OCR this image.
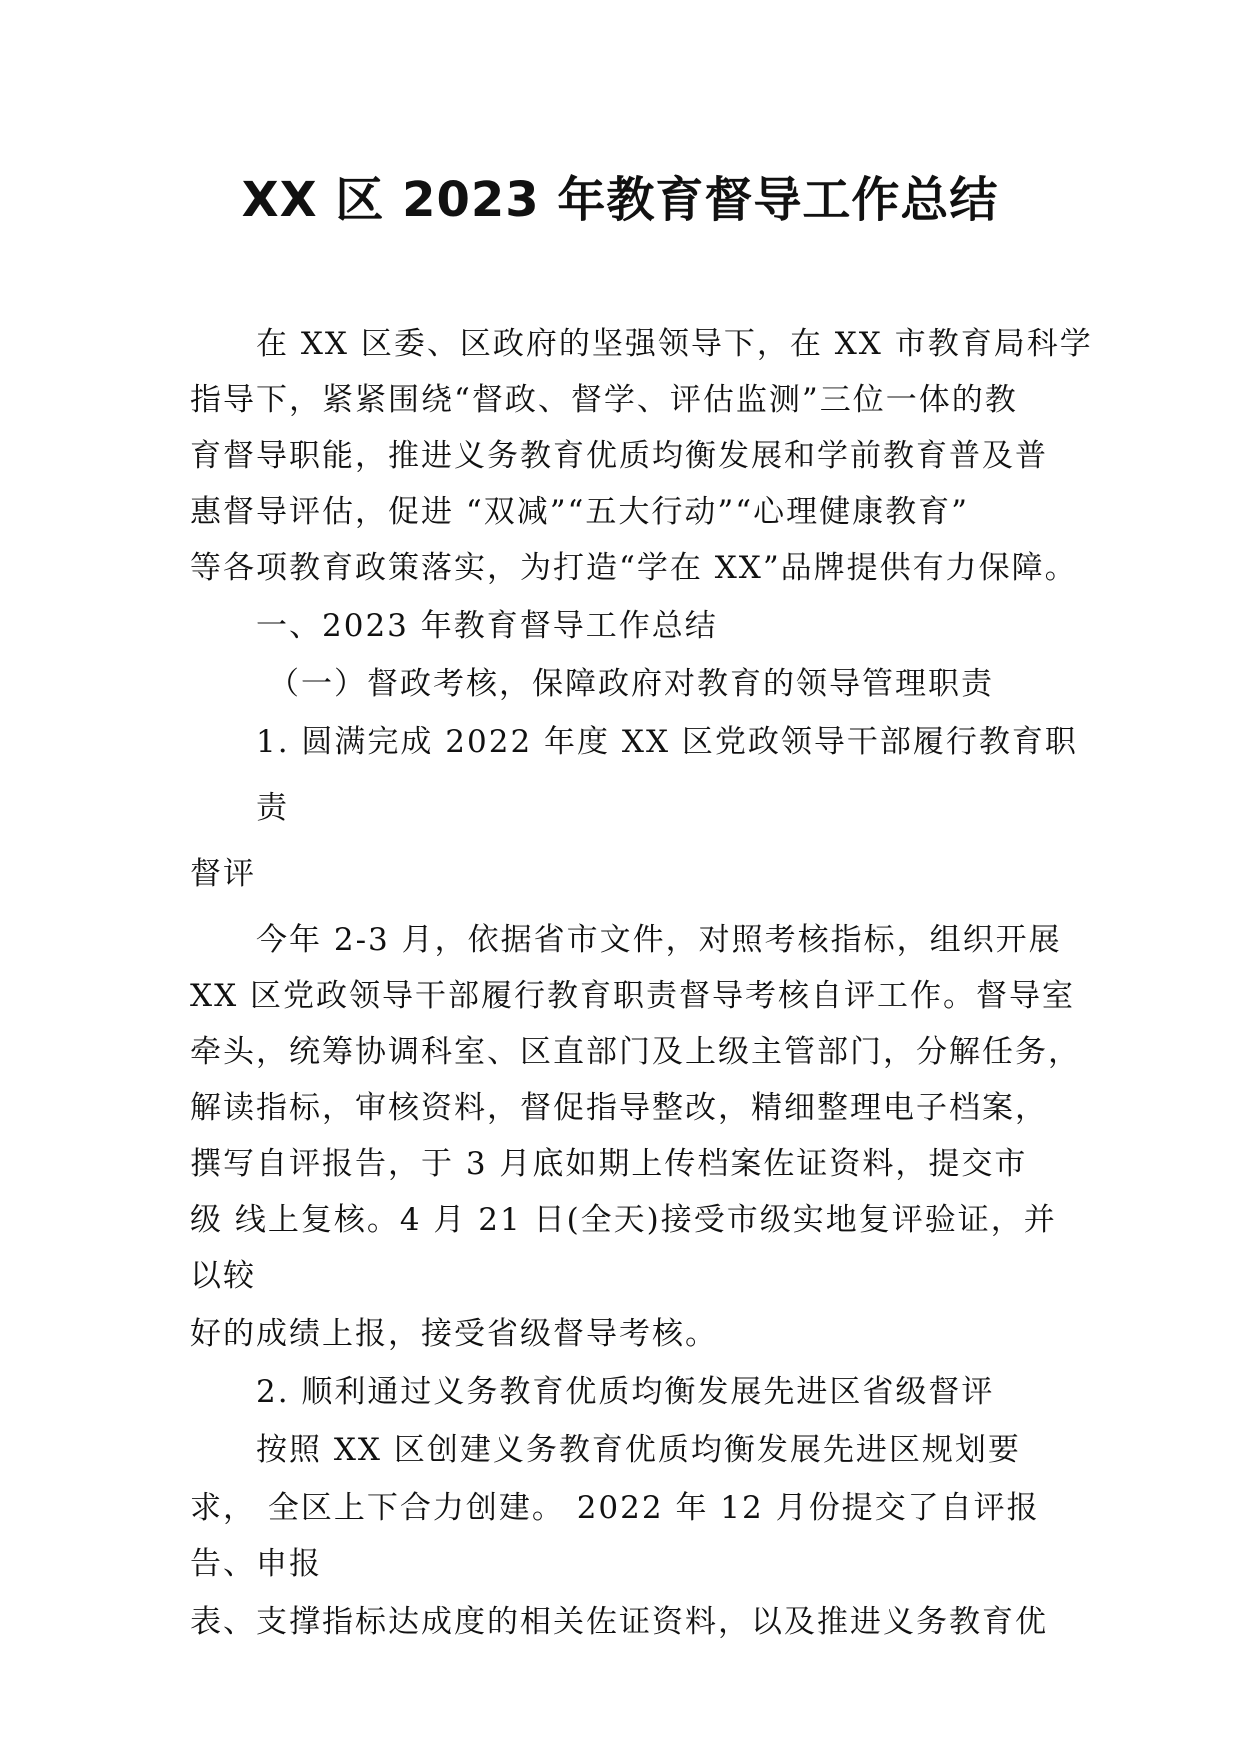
XX 区 2023 年教育督导工作总结
在 XX 区委、区政府的坚强领导下，在 XX 市教育局科学
指导下，紧紧围绕“督政、督学、评估监测”三位一体的教
育督导职能，推进义务教育优质均衡发展和学前教育普及普
惠督导评估，促进 “双减”“五大行动”“心理健康教育”
等各项教育政策落实，为打造“学在 XX”品牌提供有力保障。
一、2023 年教育督导工作总结
（一）督政考核，保障政府对教育的领导管理职责
1. 圆满完成 2022 年度 XX 区党政领导干部履行教育职
责
督评
今年 2-3 月，依据省市文件，对照考核指标，组织开展
XX 区党政领导干部履行教育职责督导考核自评工作。督导室
牵头，统筹协调科室、区直部门及上级主管部门，分解任务，
解读指标，审核资料，督促指导整改，精细整理电子档案，
撰写自评报告，于 3 月底如期上传档案佐证资料，提交市
级 线上复核。4 月 21 日(全天)接受市级实地复评验证，并
以较
好的成绩上报，接受省级督导考核。
2. 顺利通过义务教育优质均衡发展先进区省级督评
按照 XX 区创建义务教育优质均衡发展先进区规划要
求， 全区上下合力创建。 2022 年 12 月份提交了自评报
告、申报
表、支撑指标达成度的相关佐证资料，以及推进义务教育优
